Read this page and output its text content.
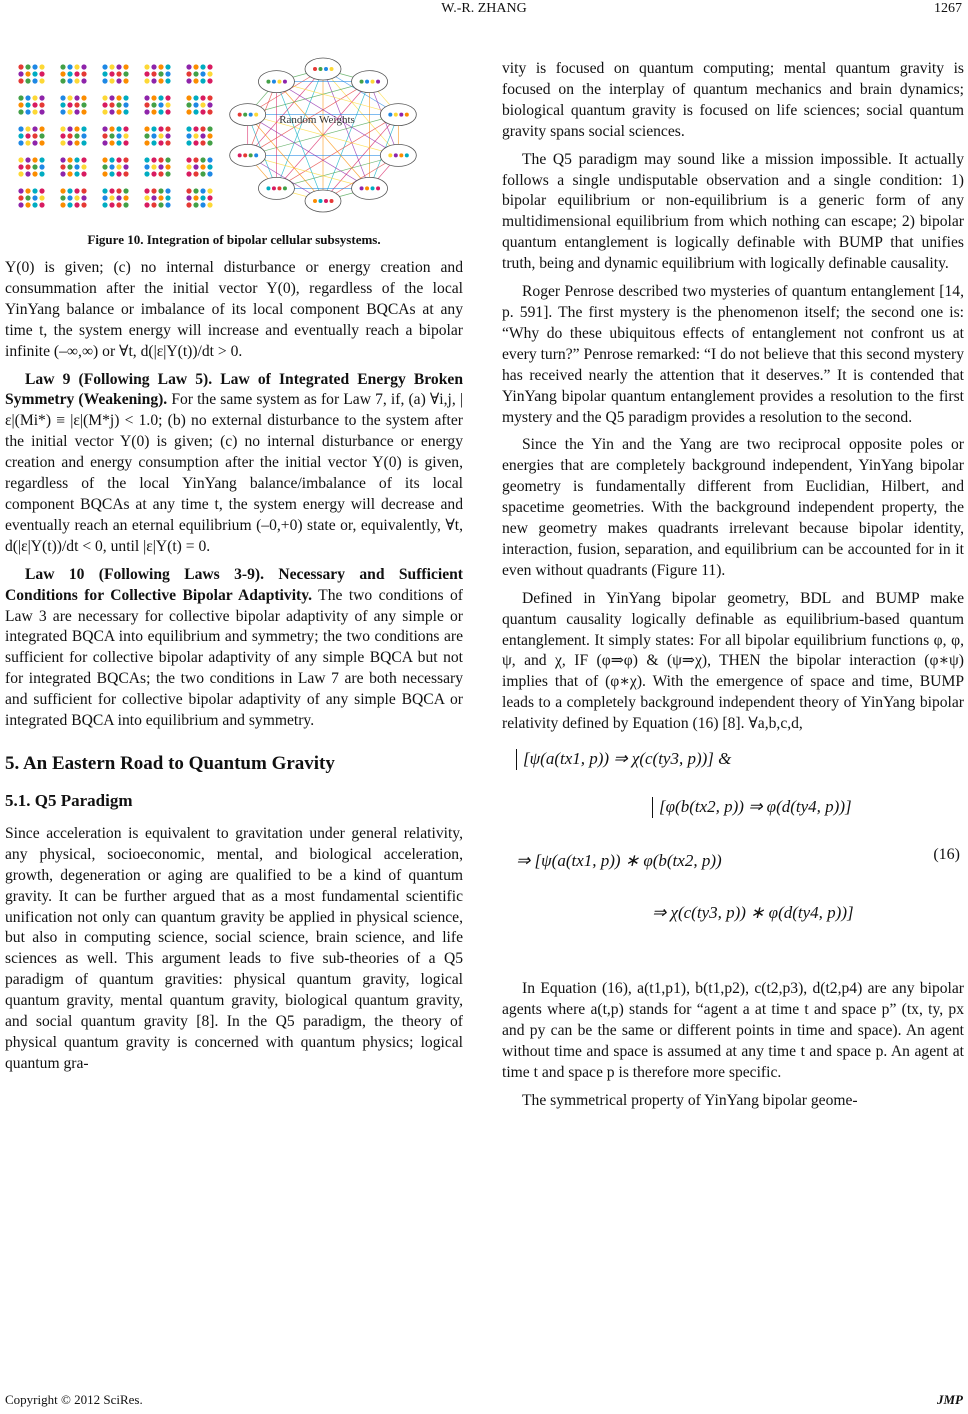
W.-R. ZHANG	1267
Random Weights
Figure 10. Integration of bipolar cellular subsystems.

Y(0) is given; (c) no internal disturbance or energy creation and consummation after the initial vector Y(0), regardless of the local YinYang balance or imbalance of its local component BQCAs at any time t, the system energy will increase and eventually reach a bipolar infinite (–∞,∞) or ∀t, d(|ε|Y(t))/dt > 0.

Law 9 (Following Law 5). Law of Integrated Energy Broken Symmetry (Weakening). For the same system as for Law 7, if, (a) ∀i,j, |ε|(Mi*) ≡ |ε|(M*j) < 1.0; (b) no external disturbance to the system after the initial vector Y(0) is given; (c) no internal disturbance or energy creation and energy consumption after the initial vector Y(0) is given, regardless of the local YinYang balance/imbalance of its local component BQCAs at any time t, the system energy will decrease and eventually reach an eternal equilibrium (–0,+0) state or, equivalently, ∀t, d(|ε|Y(t))/dt < 0, until |ε|Y(t) = 0.

Law 10 (Following Laws 3-9). Necessary and Sufficient Conditions for Collective Bipolar Adaptivity. The two conditions of Law 3 are necessary for collective bipolar adaptivity of any simple or integrated BQCA into equilibrium and symmetry; the two conditions are sufficient for collective bipolar adaptivity of any simple BQCA but not for integrated BQCAs; the two conditions in Law 7 are both necessary and sufficient for collective bipolar adaptivity of any simple BQCA or integrated BQCA into equilibrium and symmetry.

5. An Eastern Road to Quantum Gravity
5.1. Q5 Paradigm

Since acceleration is equivalent to gravitation under general relativity, any physical, socioeconomic, mental, and biological acceleration, growth, degeneration or aging are qualified to be a kind of quantum gravity. It can be further argued that as a most fundamental scientific unification not only can quantum gravity be applied in physical science, but also in computing science, social science, brain science, and life sciences as well. This argument leads to five sub-theories of a Q5 paradigm of quantum gravities: physical quantum gravity, logical quantum gravity, mental quantum gravity, biological quantum gravity, and social quantum gravity [8]. In the Q5 paradigm, the theory of physical quantum gravity is concerned with quantum physics; logical quantum gra-

vity is focused on quantum computing; mental quantum gravity is focused on the interplay of quantum mechanics and brain dynamics; biological quantum gravity is focused on life sciences; social quantum gravity spans social sciences.

The Q5 paradigm may sound like a mission impossible. It actually follows a single undisputable observation and a single condition: 1) bipolar equilibrium or non-equilibrium is a generic form of any multidimensional equilibrium from which nothing can escape; 2) bipolar quantum entanglement is logically definable with BUMP that unifies truth, being and dynamic equilibrium with logically definable causality.

Roger Penrose described two mysteries of quantum entanglement [14, p. 591]. The first mystery is the phenomenon itself; the second one is: “Why do these ubiquitous effects of entanglement not confront us at every turn?” Penrose remarked: “I do not believe that this second mystery has received nearly the attention that it deserves.” It is contended that YinYang bipolar quantum entanglement provides a resolution to the first mystery and the Q5 paradigm provides a resolution to the second.

Since the Yin and the Yang are two reciprocal opposite poles or energies that are completely background independent, YinYang bipolar geometry is fundamentally different from Euclidian, Hilbert, and spacetime geometries. With the background independent property, the new geometry makes quadrants irrelevant because bipolar identity, interaction, fusion, separation, and equilibrium can be accounted for in it even without quadrants (Figure 11).

Defined in YinYang bipolar geometry, BDL and BUMP make quantum causality logically definable as equilibrium-based quantum entanglement. It simply states: For all bipolar equilibrium functions φ, φ, ψ, and χ, IF (φ⇒φ) & (ψ⇒χ), THEN the bipolar interaction (φ∗ψ) implies that of (φ∗χ). With the emergence of space and time, BUMP leads to a completely background independent theory of YinYang bipolar relativity defined by Equation (16) [8]. ∀a,b,c,d,

[ψ(a(tx1, p)) ⇒ χ(c(ty3, p))] &
[φ(b(tx2, p)) ⇒ φ(d(ty4, p))]
⇒ [ψ(a(tx1, p)) ∗ φ(b(tx2, p))
⇒ χ(c(ty3, p)) ∗ φ(d(ty4, p))]
(16)

In Equation (16), a(t1,p1), b(t1,p2), c(t2,p3), d(t2,p4) are any bipolar agents where a(t,p) stands for “agent a at time t and space p” (tx, ty, px and py can be the same or different points in time and space). An agent without time and space is assumed at any time t and space p. An agent at time t and space p is therefore more specific.

The symmetrical property of YinYang bipolar geome-

Copyright © 2012 SciRes.	JMP
